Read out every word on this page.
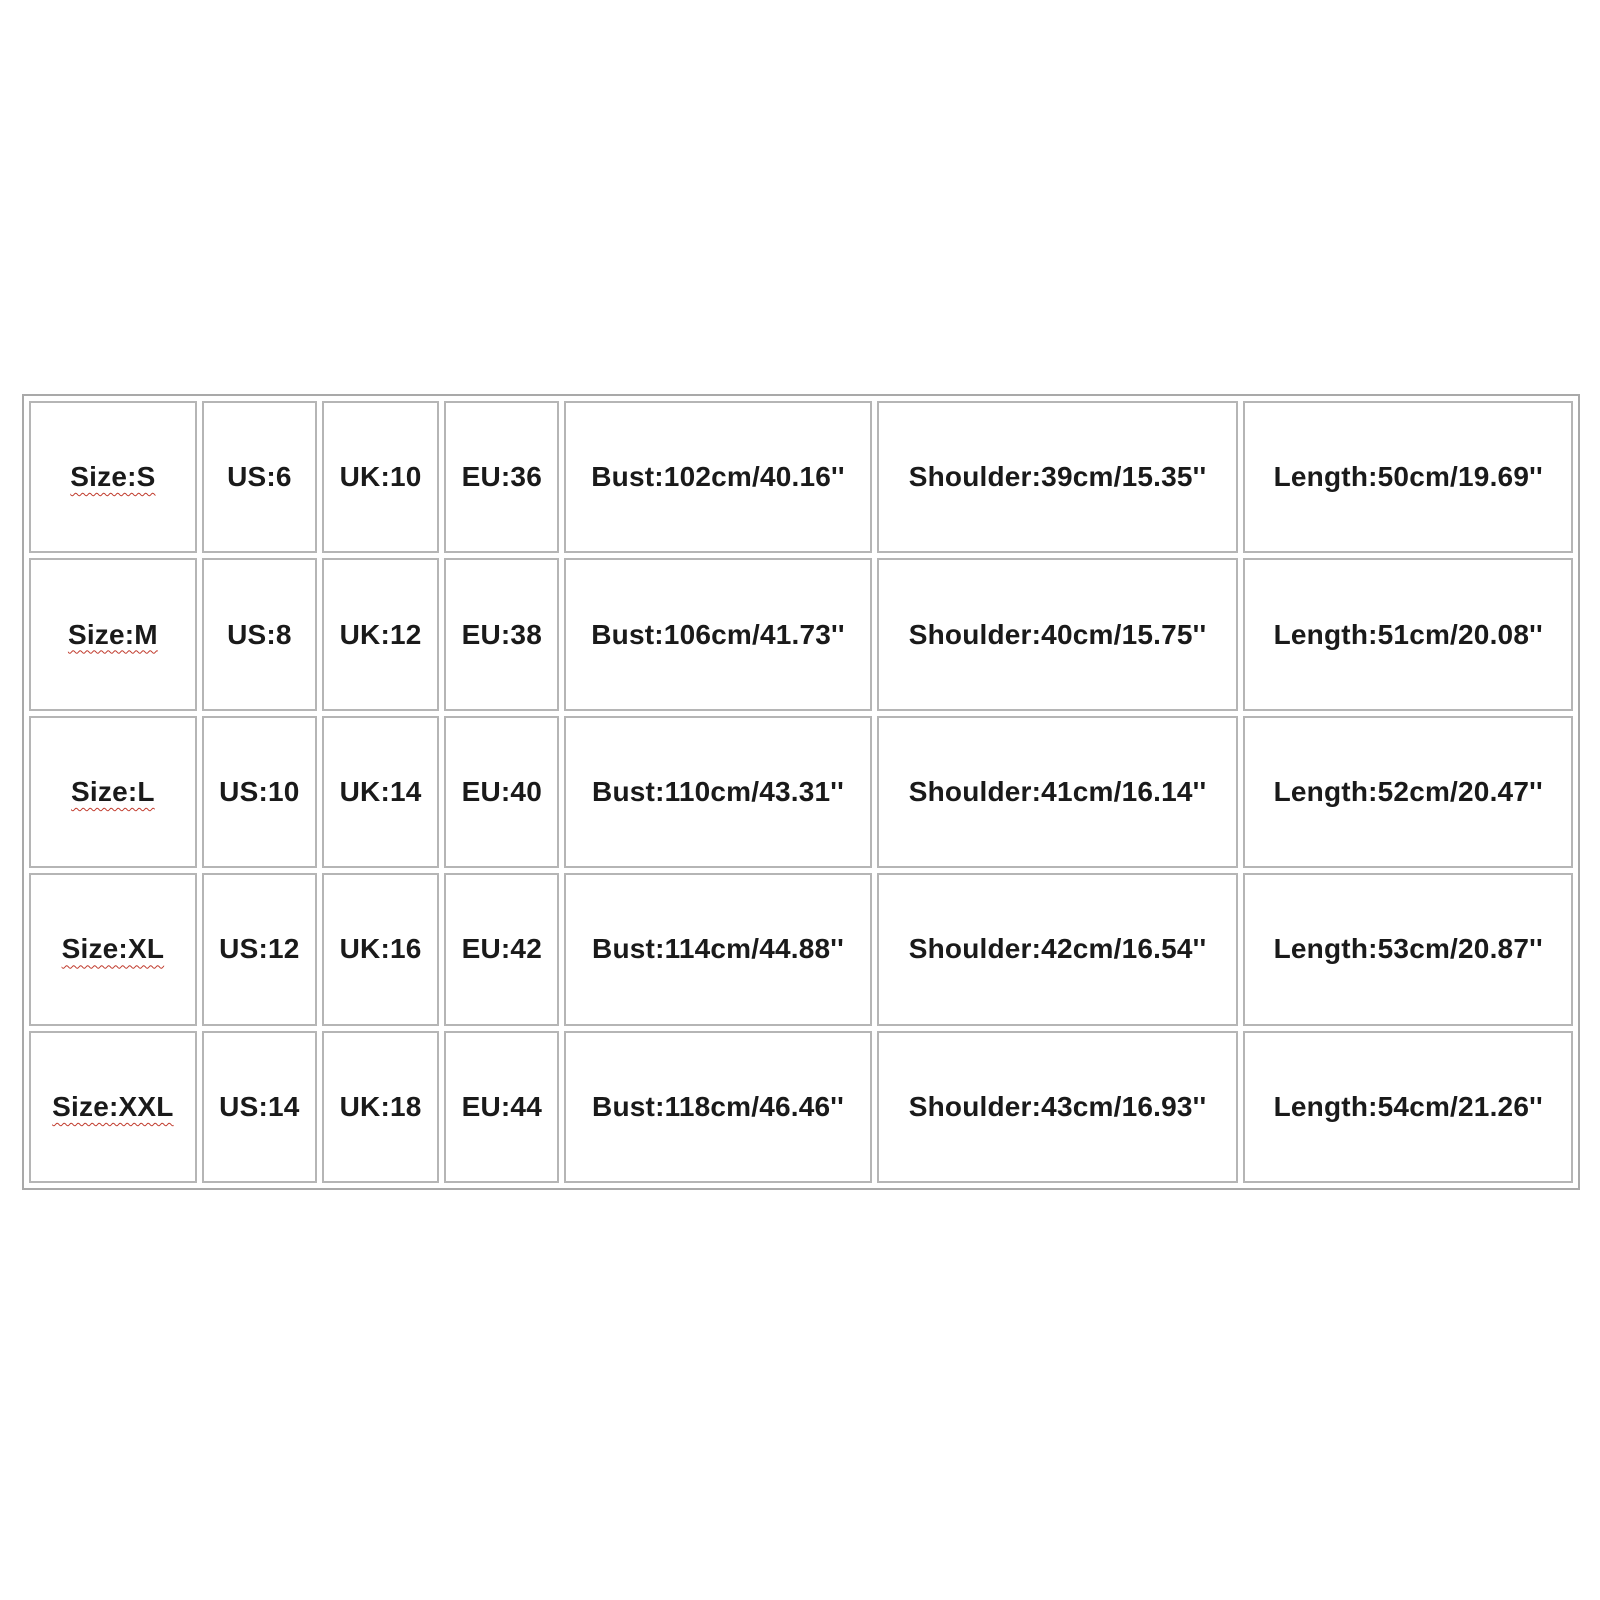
Size:S	US:6	UK:10	EU:36	Bust:102cm/40.16''	Shoulder:39cm/15.35''	Length:50cm/19.69''
Size:M	US:8	UK:12	EU:38	Bust:106cm/41.73''	Shoulder:40cm/15.75''	Length:51cm/20.08''
Size:L	US:10	UK:14	EU:40	Bust:110cm/43.31''	Shoulder:41cm/16.14''	Length:52cm/20.47''
Size:XL	US:12	UK:16	EU:42	Bust:114cm/44.88''	Shoulder:42cm/16.54''	Length:53cm/20.87''
Size:XXL	US:14	UK:18	EU:44	Bust:118cm/46.46''	Shoulder:43cm/16.93''	Length:54cm/21.26''
